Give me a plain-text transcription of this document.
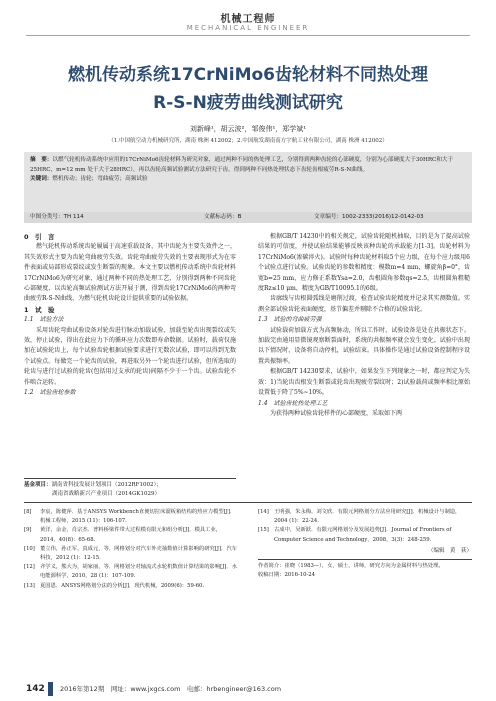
机械工程师
MECHANICAL ENGINEER
燃机传动系统17CrNiMo6齿轮材料不同热处理
R-S-N疲劳曲线测试研究
刘新峰¹，胡云波²，邹俊伟¹，郑学斌¹
（1.中国航空动力机械研究所，湖南 株洲 412002；2.中国航发湖南南方宇航工业有限公司，湖南 株洲 412002）
摘　要：以燃气轮机传动系统中应用的17CrNiMo6齿轮材料为研究对象，通过两种不同的热处理工艺，分别得到两种齿轮的心部硬度，分别为心部硬度大于30HRC和大于25HRC，m=12 mm 处于大于28HRC），再以齿轮高频试验测试方法研究于齿，得到两种不同热处理状态下齿轮齿根疲劳R-S-N曲线。
关键词：燃机传动；齿轮；弯曲疲劳；高频试验
中图分类号：TH 114	文献标志码：B	文章编号：1002-2333(2016)12-0142-03
0　引　言

燃气轮机传动系统齿轮履属于高速重载设备，其中齿轮为主要失效件之一，其失效形式主要为齿轮弯曲疲劳失效。齿轮弯曲疲劳失效的主要表现形式为在零件表面或局部形成裂纹或发生断裂的现象。本文主要以燃机传动系统中齿轮材料17CrNiMo6为研究对象，通过两种不同的热处理工艺，分别得到两种不同齿轮心部硬度，以齿轮高频试验测试方法开展于测，得到齿轮17CrNiMo6的两种弯曲疲劳R-S-N曲线，为燃气轮机齿轮设计提供重要的试验依据。

1　试　验
1.1　试验方法

采用齿轮弯曲试验设备对轮齿进行脉动加载试验，加载至轮齿出现裂纹或失效，停止试验，得出在此应力下的循环应力次数即寿命数据。试验时，载荷仅施加在试验轮齿上，每个试验齿轮根据试验要求进行无数次试验，即可以得到无数个试验点。每做完一个轮齿的试验，再进取另外一个轮齿进行试验，但所选取的轮齿与进行过试验的轮齿(包括用过支承的轮齿)间隔不少于一个齿。试验齿轮不作啮合运转。

1.2　试验齿轮参数

根据GB/T 14230中的相关规定，试验齿轮随机抽取，目的是为了提高试验结果的可信度，并使试验结果能够反映该种齿轮的承载能力[1-3]。齿轮材料为17CrNiMo6(渗碳淬火)。试验时每种齿轮材料取5个应力级，在每个应力级用6个试验点进行试验。试验齿轮的参数和精度：模数m=4 mm，螺旋角β=0°，齿宽b=25 mm，应力修正系数Ysa=2.0，齿根圆角参数qs=2.5，齿根圆角粗糙度Rz≤10 μm，精度为GB/T10095.1的6级。

齿廓线与齿根圆弧线是磨削过渡，检查试验齿轮精度并记录其实测数值。实测全部试验齿轮表面硬度，基节偏差并剔除不合格的试验齿轮。

1.3　试验的弯曲疲劳强

试验载荷加载方式为高频脉动，所以工作时，试验设备是处在共振状态下。加载完由通用显微镜观察断裂面时，系统的共振频率就会发生变化。试验中出现以下情况时，设备将自动停机，试验结束。具体操作是通过试验设备控制程序设置共振频率。

根据GB/T 14230要求，试验中，如果发生下列现象之一时，都应判定为失效：1)当轮齿齿根发生断裂或轮齿出现疲劳裂纹时；2)试验载荷或频率相比原始设置低于降了5%~10%。

1.4　试验齿轮热处理工艺

为获得两种试验齿轮样件的心部硬度，采取如下两

基金项目：湖南省科技发展计划项目（2012RF1002）；
湖南省战略新兴产业项目（2014GK1029）
[8]	李宸，陈健萍．基于ANSYS Workbench直便切拉床溜板箱结构的热应力模型[J]．机械工程师，2015 (11)：106-107.
[9]	黄洋，余金，肖宗杰．普料桥梁件带大过程模有限元和组分析[J]．模具工业，2014，40(8)：65-68.
[10] 董立伟，孙正军，真成元，等．网格划分对汽车外壳抽数值计算影响的研究[J]．汽车科技，2012 (1)：12-15.
[12] 齐学义，熊大为，胡家丽，等．网格划分对轴流式水轮机数值计算结果的影响[J]．水电能源科学，2010，28 (1)：107-109.
[13] 夏国恩．ANSYS网格划分法的分析[J]．现代机械，2009(6)：59-60.
[14] 王明强，朱永梅，刘文欣．有限元网格划分方法应用研究[J]．机械设计与制造，2004 (1)：22-24.
[15] 古成中，吴新跃．有限元网格划分及发展趋势[J]．Journal of Frontiers of Computer Science and Technology，2008，3(3)：248-259.
（编辑　黄　荻）
作者简介：崔晓（1983—），女，硕士，讲师，研究方向为金属材料与热处理。
收稿日期：2016-10-24
142 2016年第12期　网址：www.jxgcs.com　电邮：hrbengineer@163.com
